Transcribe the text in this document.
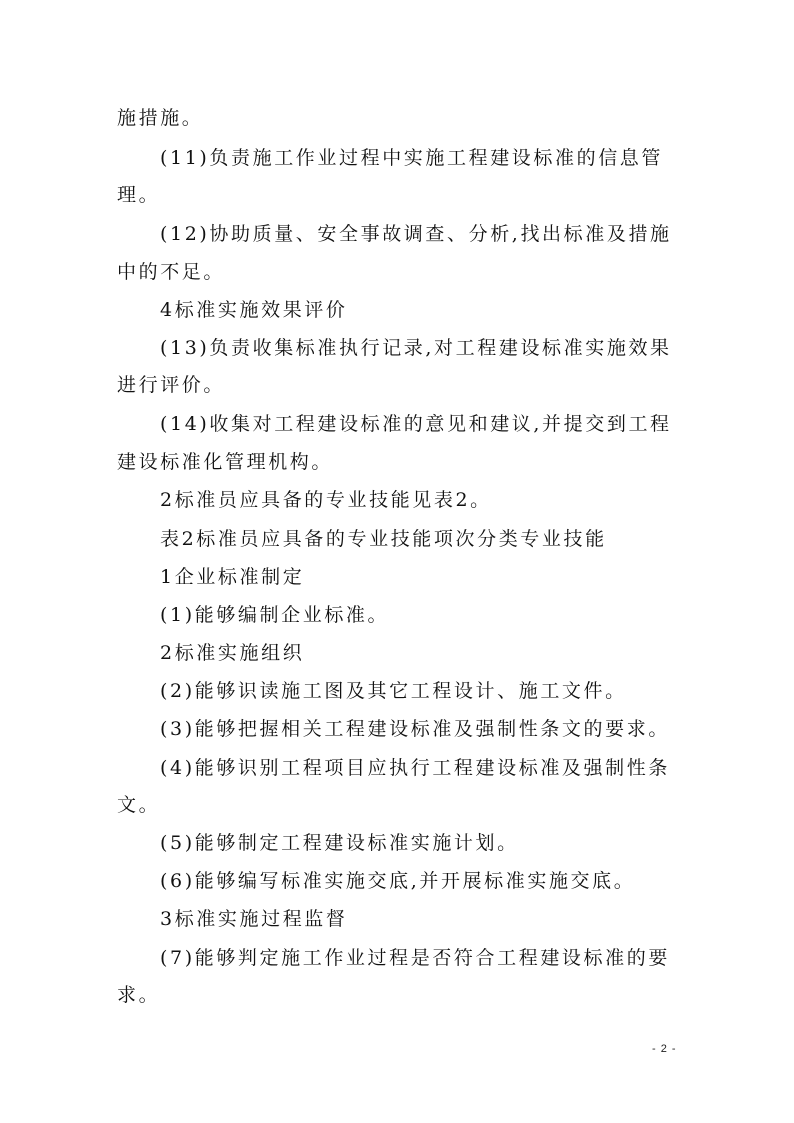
施措施。
(11)负责施工作业过程中实施工程建设标准的信息管
理。
(12)协助质量、安全事故调查、分析,找出标准及措施
中的不足。
4标准实施效果评价
(13)负责收集标准执行记录,对工程建设标准实施效果
进行评价。
(14)收集对工程建设标准的意见和建议,并提交到工程
建设标准化管理机构。
2标准员应具备的专业技能见表2。
表2标准员应具备的专业技能项次分类专业技能
1企业标准制定
(1)能够编制企业标准。
2标准实施组织
(2)能够识读施工图及其它工程设计、施工文件。
(3)能够把握相关工程建设标准及强制性条文的要求。
(4)能够识别工程项目应执行工程建设标准及强制性条
文。
(5)能够制定工程建设标准实施计划。
(6)能够编写标准实施交底,并开展标准实施交底。
3标准实施过程监督
(7)能够判定施工作业过程是否符合工程建设标准的要
求。
- 2 -
